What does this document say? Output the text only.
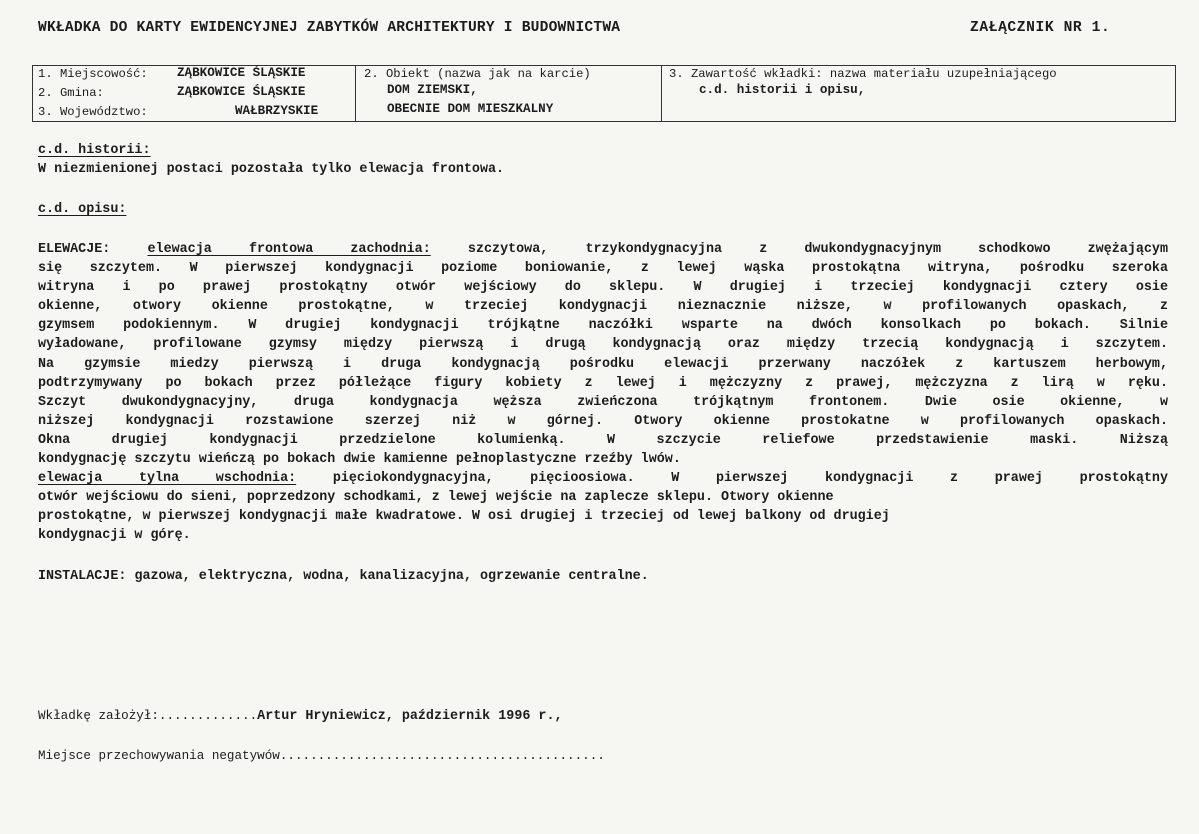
WKŁADKA DO KARTY EWIDENCYJNEJ ZABYTKÓW ARCHITEKTURY I BUDOWNICTWA	ZAŁĄCZNIK NR 1.
1. Miejscowość: ZĄBKOWICE ŚLĄSKIE
2. Gmina:	ZĄBKOWICE ŚLĄSKIE
3. Województwo:	WAŁBRZYSKIE
2. Obiekt (nazwa jak na karcie)
DOM ZIEMSKI,
OBECNIE DOM MIESZKALNY
3. Zawartość wkładki: nazwa materiału uzupełniającego
c.d. historii i opisu,
c.d. historii:
W niezmienionej postaci pozostała tylko elewacja frontowa.
c.d. opisu:
ELEWACJE:	elewacja frontowa zachodnia:	szczytowa, trzykondygnacyjna z dwukondygnacyjnym schodkowo zwężającym
się szczytem. W pierwszej kondygnacji poziome boniowanie, z lewej wąska prostokątna witryna, pośrodku szeroka
witryna i po prawej prostokątny otwór wejściowy do sklepu. W drugiej i trzeciej kondygnacji cztery osie
okienne, otwory okienne prostokątne, w trzeciej kondygnacji nieznacznie niższe, w profilowanych opaskach, z
gzymsem podokiennym. W drugiej kondygnacji trójkątne naczółki wsparte na dwóch konsolkach po bokach. Silnie
wyładowane, profilowane gzymsy między pierwszą i drugą kondygnacją oraz między trzecią kondygnacją i szczytem.
Na gzymsie miedzy pierwszą i druga kondygnacją pośrodku elewacji przerwany naczółek z kartuszem herbowym,
podtrzymywany po bokach przez półleżące figury kobiety z lewej i mężczyzny z prawej, mężczyzna z lirą w ręku.
Szczyt dwukondygnacyjny, druga kondygnacja węższa zwieńczona trójkątnym frontonem. Dwie osie okienne, w
niższej kondygnacji rozstawione szerzej niż w górnej. Otwory okienne prostokatne w profilowanych opaskach.
Okna drugiej kondygnacji przedzielone kolumienką. W szczycie reliefowe przedstawienie maski. Niższą
kondygnację szczytu wieńczą po bokach dwie kamienne pełnoplastyczne rzeźby lwów.
elewacja tylna wschodnia:	pięciokondygnacyjna, pięcioosiowa. W pierwszej kondygnacji z prawej prostokątny
otwór wejściowu do sieni, poprzedzony schodkami, z lewej wejście na zaplecze sklepu. Otwory okienne
prostokątne, w pierwszej kondygnacji małe kwadratowe. W osi drugiej i trzeciej od lewej balkony od drugiej
kondygnacji w górę.
INSTALACJE: gazowa, elektryczna, wodna, kanalizacyjna, ogrzewanie centralne.
Wkładkę założył:.............Artur Hryniewicz, październik 1996 r.,
Miejsce przechowywania negatywów...........................................
